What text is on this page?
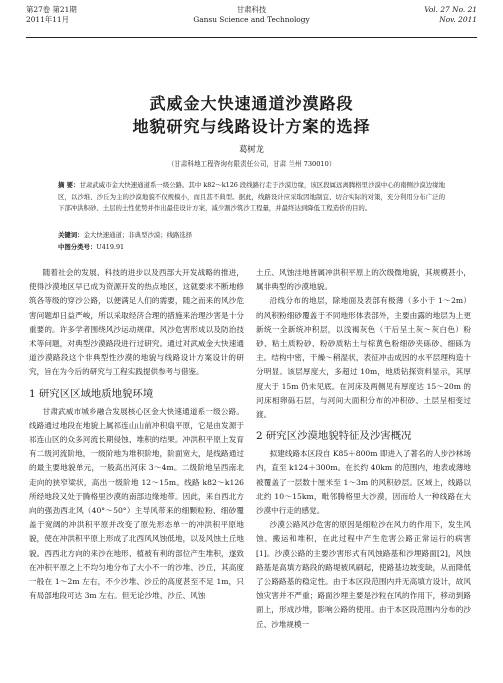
第27卷 第21期
2011年11月
甘肃科技
Gansu Science and Technology
Vol. 27 No. 21
Nov. 2011
武威金大快速通道沙漠路段
地貌研究与线路设计方案的选择
葛树龙
（甘肃科地工程咨询有限责任公司，甘肃 兰州 730010）
摘 要：甘肃武威市金大快速通道系一级公路。其中 k82～k126 段线路行走于沙漠边缘，该区段属远离腾格里沙漠中心的南侧沙漠边缘地区，以沙堆、沙丘为主的沙漠地貌不仅规模小，而且甚不典型。据此，线路设计应采取因地制宜、切合实际的对策，充分利用分布广泛的下部冲洪积砂、土层的土性优势并作出最佳设计方案，减少割沙筑沙工程量，并最终达到降低工程造价的目的。
关键词：金大快速通道；非典型沙漠；线路选择
中图分类号：U419.91

随着社会的发展、科技的进步以及西部大开发战略的推进，使得沙漠地区早已成为资源开发的热点地区，这就要求不断地修筑各等级的穿沙公路，以便满足人们的需要，随之而来的风沙危害问题却日益严峻，所以采取经济合理的措施来治理沙害是十分重要的。许多学者围绕风沙运动规律、风沙危害形成以及防治技术等问题，对典型沙漠路段进行过研究。通过对武威金大快速通道沙漠路段这个非典型性沙漠的地貌与线路设计方案设计的研究，旨在为今后的研究与工程实践提供参考与借鉴。

1 研究区区域地质地貌环境

甘肃武威市城乡融合发展核心区金大快速通道系一级公路。线路通过地段在地貌上属祁连山山前冲积扇平原，它是由发源于祁连山区的众多河流长期侵蚀、堆积的结果。冲洪积平原上发育有二级河流阶地，一级阶地为堆积阶地，阶面宽大，是线路通过的最主要地貌单元，一般高出河床 3～4m。二级阶地呈西南北走向的狭窄梁状，高出一级阶地 12～15m。线路 k82～k126 所经地段又处于腾格里沙漠的南部边缘地带。因此，来自西北方向的强劲西北风（40°～50°）主导风带来的细颗粒粉、细砂覆盖于宽阔的冲洪积平原并改变了原先形态单一的冲洪积平原地貌，使在冲洪积平原上形成了北西风风蚀低地，以及风蚀土丘地貌。西西北方向的来沙在地形、植被有利的部位产生堆积，遂致在冲积平原之上不均匀地分布了大小不一的沙堆、沙丘，其高度一般在 1～2m 左右，不少沙堆、沙丘的高度甚至不足 1m，只有局部地段可达 3m 左右。但无论沙堆、沙丘、风蚀

土丘、风蚀洼地皆属冲洪积平原上的次级微地貌，其规模甚小，属非典型的沙漠地貌。

沿线分布的地层，除地面及表部有极薄（多小于 1～2m）的风积粉细砂覆盖于不同地形体表部外，主要由露的地层为上更新统一全新统冲积层，以浅褐灰色（干后呈土灰～灰白色）粉砂、粘土质粉砂、粉砂质粘土与棕黄色粉细砂夹砾砂、细砾为主。结构中密，干燥～稍湿状，表征冲击成因的水平层理构造十分明显。该层厚度大，多超过 10m，地质钻探资料显示，其厚度大于 15m 仍未见底。在河床及两侧见有厚度达 15～20m 的河床相卵砾石层，与河间大面积分布的冲积砂、土层呈相变过渡。

2 研究区沙漠地貌特征及沙害概况

拟建线路本区段自 K85＋800m 即进入了著名的人步沙林场内，直至 k124＋300m。在长约 40km 的范围内，地表或薄地被覆盖了一层数十厘米至 1～3m 的风积砂层。区域上，线路以北约 10～15km，毗邻腾格里大沙漠，因而给人一种线路在大沙漠中行走的感觉。

沙漠公路风沙危害的原因是细粒沙在风力的作用下，发生风蚀、搬运和堆积，在此过程中产生危害公路正常运行的病害[1]。沙漠公路的主要沙害形式有风蚀路基和沙埋路面[2]，风蚀路基是高填方路段的路堤被风刷起，使路基边坡变缺，从而降低了公路路基的稳定性。由于本区段范围内并无高填方设计，故风蚀灾害并不严重；路面沙埋主要是沙粒在风的作用下，移动到路面上，形成沙堆，影响公路的使用。由于本区段范围内分布的沙丘、沙堆规模一
